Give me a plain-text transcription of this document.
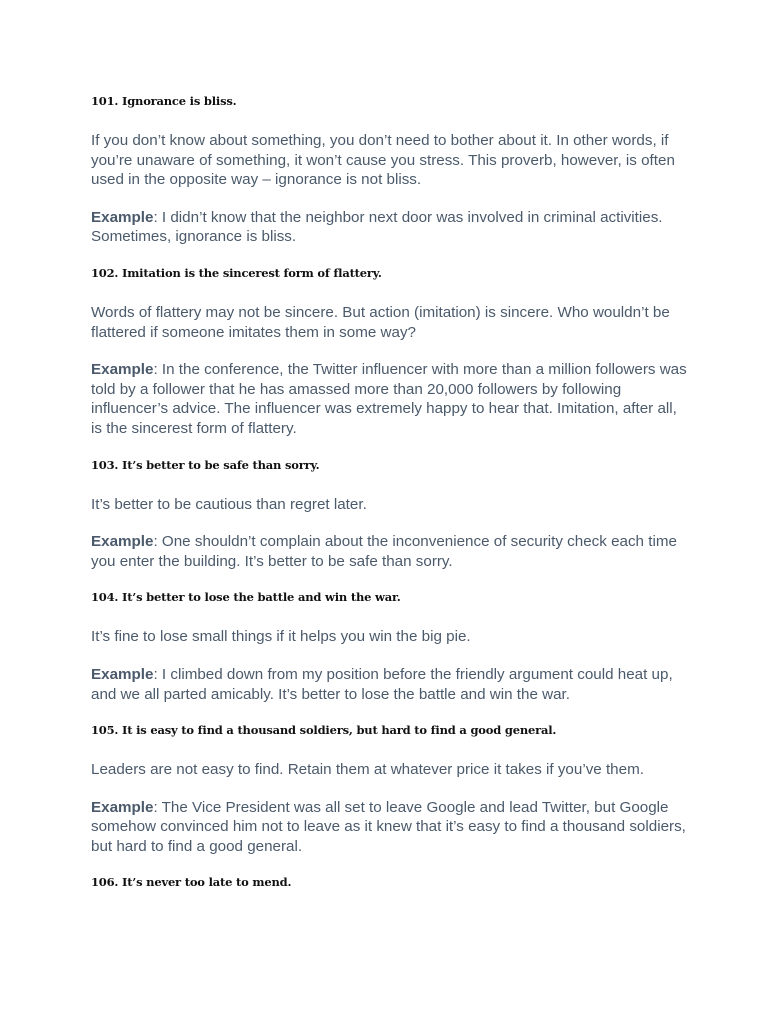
101. Ignorance is bliss.

If you don’t know about something, you don’t need to bother about it. In other words, if you’re unaware of something, it won’t cause you stress. This proverb, however, is often used in the opposite way – ignorance is not bliss.

Example: I didn’t know that the neighbor next door was involved in criminal activities. Sometimes, ignorance is bliss.

102. Imitation is the sincerest form of flattery.

Words of flattery may not be sincere. But action (imitation) is sincere. Who wouldn’t be flattered if someone imitates them in some way?

Example: In the conference, the Twitter influencer with more than a million followers was told by a follower that he has amassed more than 20,000 followers by following influencer’s advice. The influencer was extremely happy to hear that. Imitation, after all, is the sincerest form of flattery.

103. It’s better to be safe than sorry.

It’s better to be cautious than regret later.

Example: One shouldn’t complain about the inconvenience of security check each time you enter the building. It’s better to be safe than sorry.

104. It’s better to lose the battle and win the war.

It’s fine to lose small things if it helps you win the big pie.

Example: I climbed down from my position before the friendly argument could heat up, and we all parted amicably. It’s better to lose the battle and win the war.

105. It is easy to find a thousand soldiers, but hard to find a good general.

Leaders are not easy to find. Retain them at whatever price it takes if you’ve them.

Example: The Vice President was all set to leave Google and lead Twitter, but Google somehow convinced him not to leave as it knew that it’s easy to find a thousand soldiers, but hard to find a good general.

106. It’s never too late to mend.
